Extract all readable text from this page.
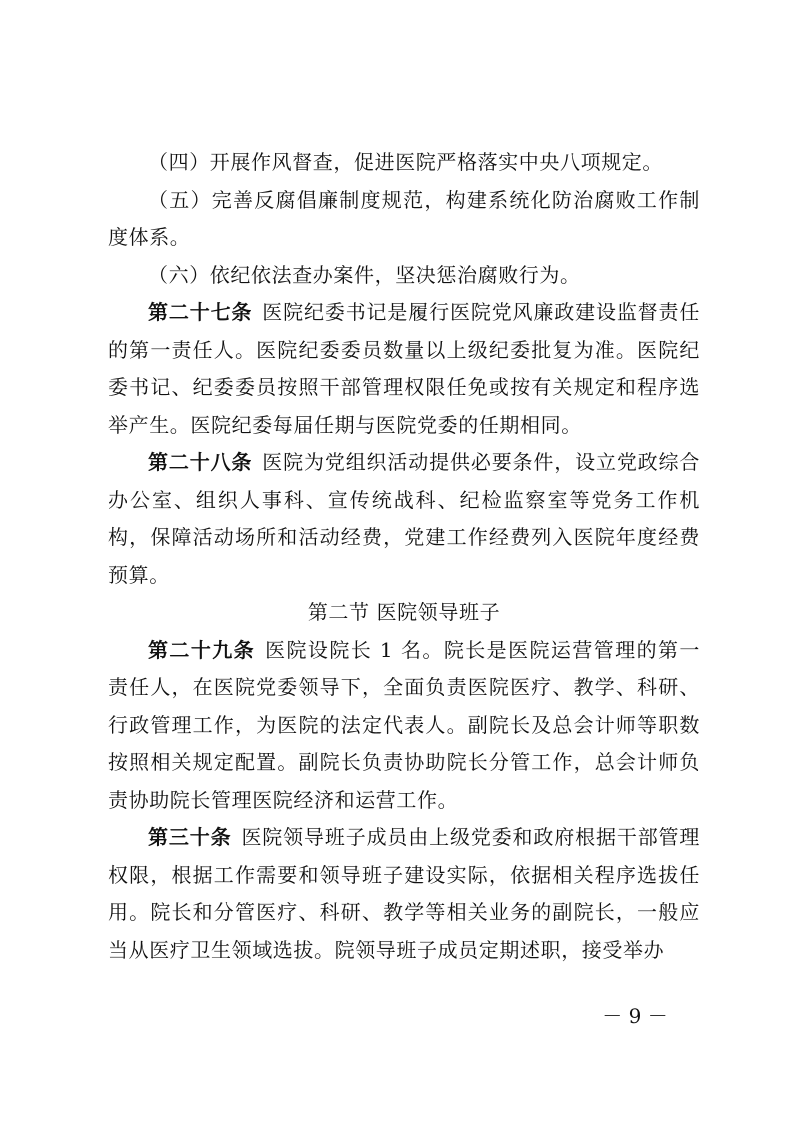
（四）开展作风督查，促进医院严格落实中央八项规定。

（五）完善反腐倡廉制度规范，构建系统化防治腐败工作制度体系。

（六）依纪依法查办案件，坚决惩治腐败行为。

第二十七条 医院纪委书记是履行医院党风廉政建设监督责任的第一责任人。医院纪委委员数量以上级纪委批复为准。医院纪委书记、纪委委员按照干部管理权限任免或按有关规定和程序选举产生。医院纪委每届任期与医院党委的任期相同。

第二十八条 医院为党组织活动提供必要条件，设立党政综合办公室、组织人事科、宣传统战科、纪检监察室等党务工作机构，保障活动场所和活动经费，党建工作经费列入医院年度经费预算。

第二节 医院领导班子

第二十九条 医院设院长 1 名。院长是医院运营管理的第一责任人，在医院党委领导下，全面负责医院医疗、教学、科研、行政管理工作，为医院的法定代表人。副院长及总会计师等职数按照相关规定配置。副院长负责协助院长分管工作，总会计师负责协助院长管理医院经济和运营工作。

第三十条 医院领导班子成员由上级党委和政府根据干部管理权限，根据工作需要和领导班子建设实际，依据相关程序选拔任用。院长和分管医疗、科研、教学等相关业务的副院长，一般应当从医疗卫生领域选拔。院领导班子成员定期述职，接受举办

－ 9 －
